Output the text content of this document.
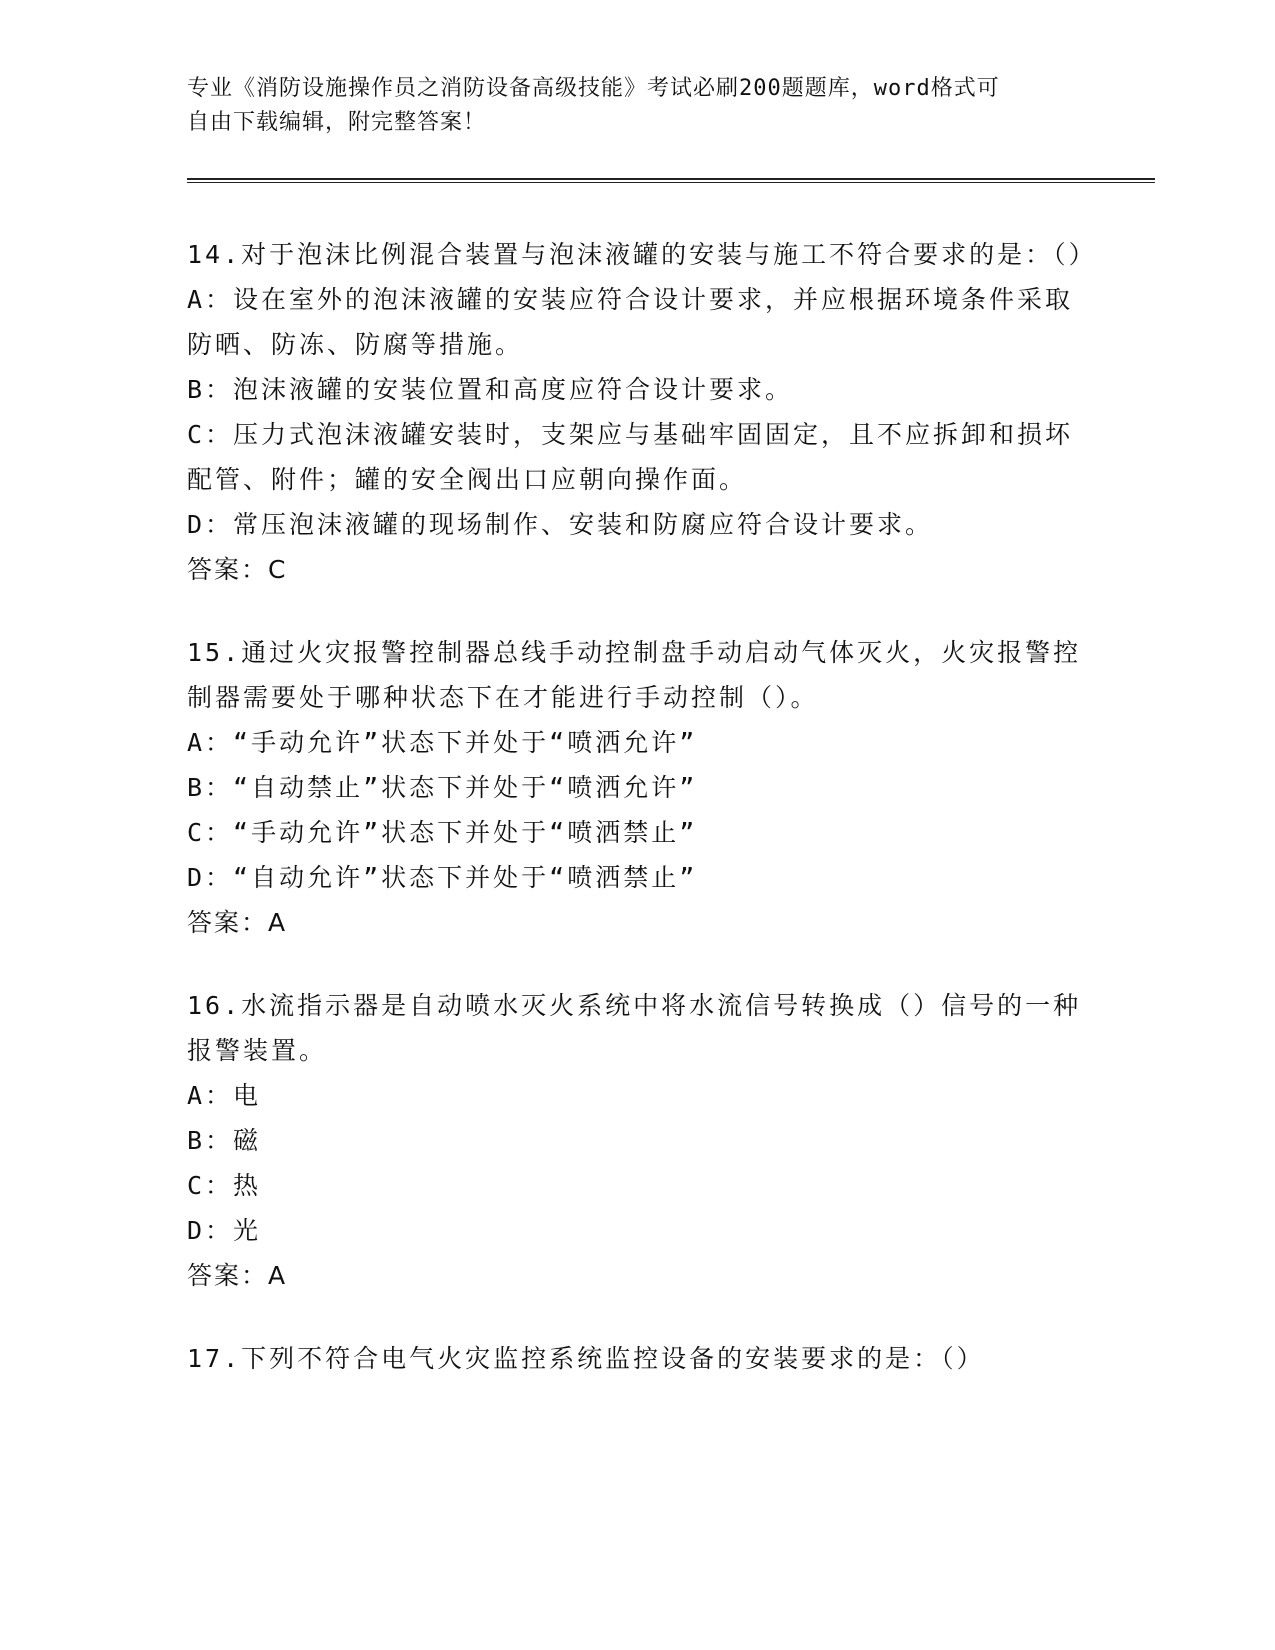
专业《消防设施操作员之消防设备高级技能》考试必刷200题题库，word格式可
自由下载编辑，附完整答案！

14.对于泡沫比例混合装置与泡沫液罐的安装与施工不符合要求的是：（）

A：设在室外的泡沫液罐的安装应符合设计要求，并应根据环境条件采取防晒、防冻、防腐等措施。

B：泡沫液罐的安装位置和高度应符合设计要求。

C：压力式泡沫液罐安装时，支架应与基础牢固固定，且不应拆卸和损坏配管、附件；罐的安全阀出口应朝向操作面。

D：常压泡沫液罐的现场制作、安装和防腐应符合设计要求。

答案：C

15.通过火灾报警控制器总线手动控制盘手动启动气体灭火，火灾报警控制器需要处于哪种状态下在才能进行手动控制（）。

A：“手动允许”状态下并处于“喷洒允许”

B：“自动禁止”状态下并处于“喷洒允许”

C：“手动允许”状态下并处于“喷洒禁止”

D：“自动允许”状态下并处于“喷洒禁止”

答案：A

16.水流指示器是自动喷水灭火系统中将水流信号转换成（）信号的一种报警装置。

A：电

B：磁

C：热

D：光

答案：A

17.下列不符合电气火灾监控系统监控设备的安装要求的是：（）
